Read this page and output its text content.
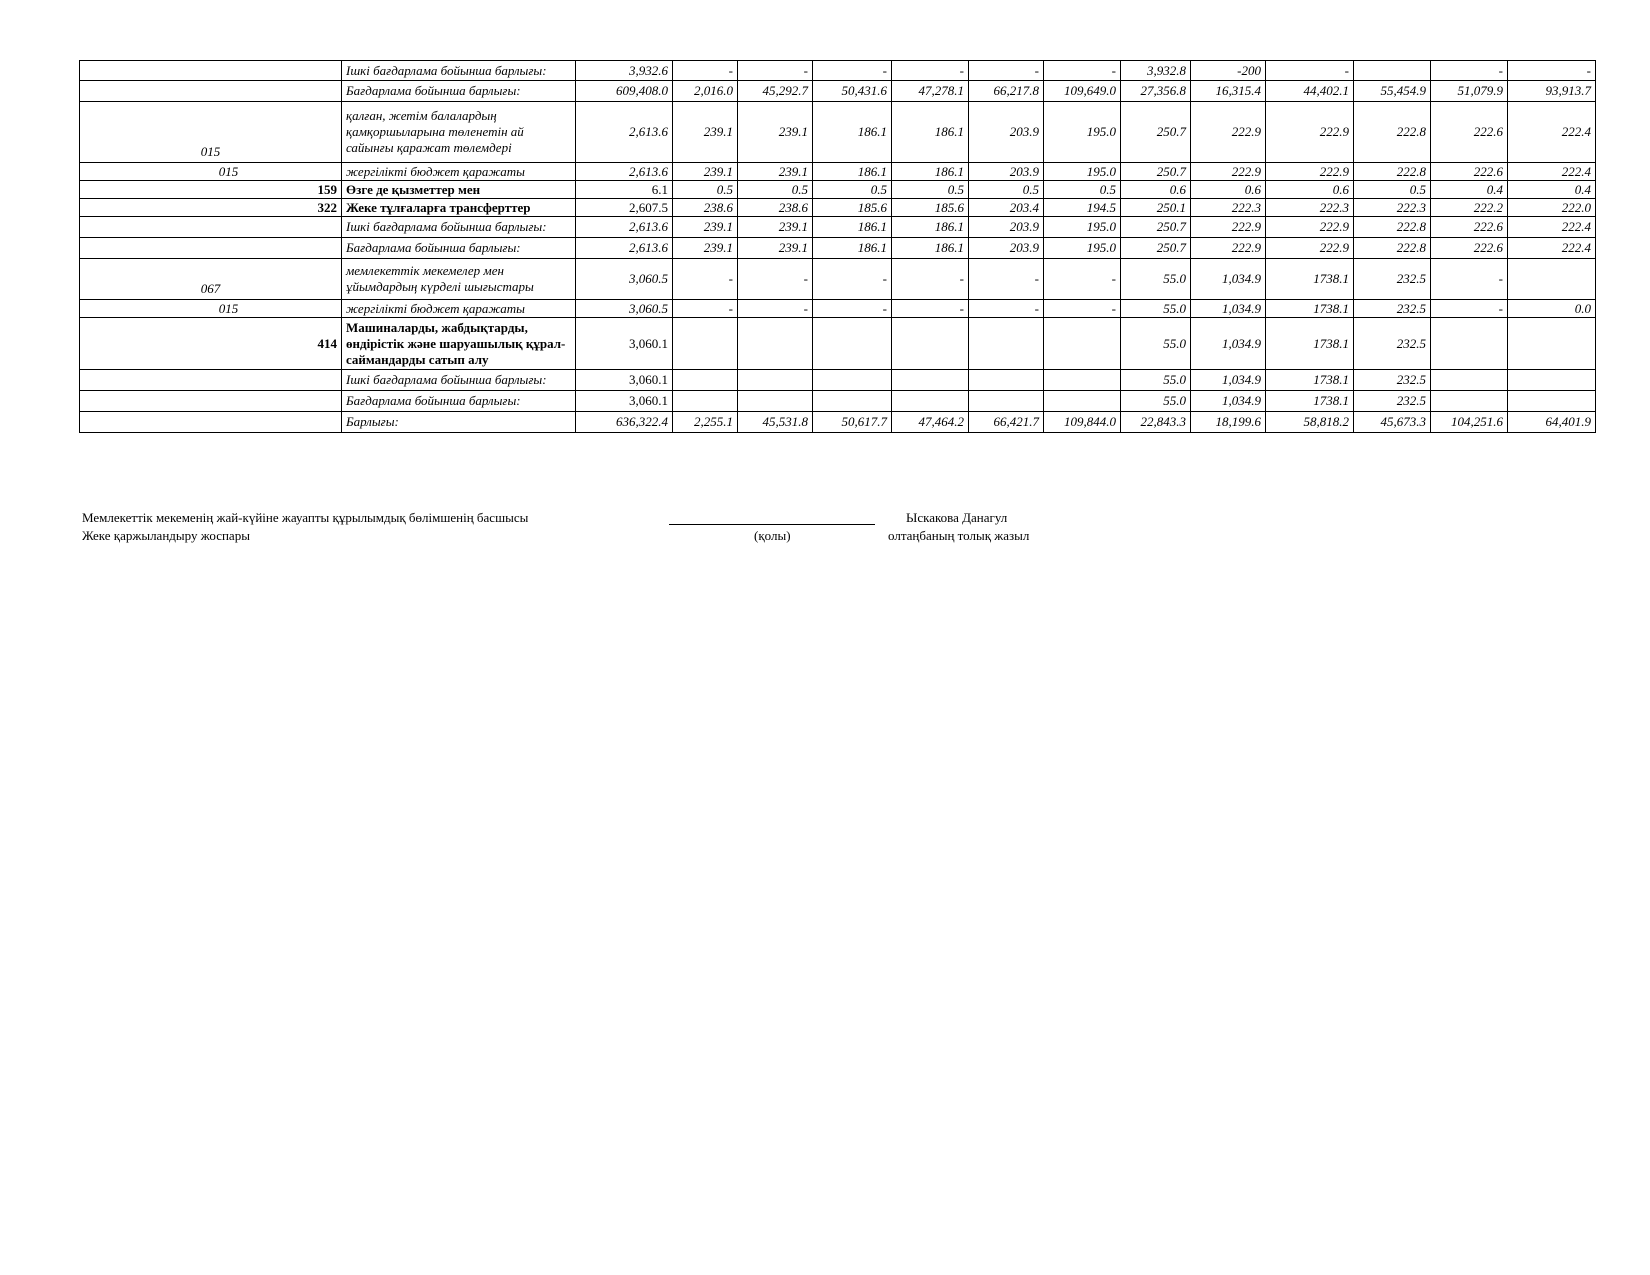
	Ішкі бағдарлама бойынша барлығы:	3,932.6	-	-	-	-	-	-	3,932.8	-200	-		-	-
	Бағдарлама бойынша барлығы:	609,408.0	2,016.0	45,292.7	50,431.6	47,278.1	66,217.8	109,649.0	27,356.8	16,315.4	44,402.1	55,454.9	51,079.9	93,913.7
015	қалған, жетім балалардың қамқоршыларына төленетін ай сайынғы қаражат төлемдері	2,613.6	239.1	239.1	186.1	186.1	203.9	195.0	250.7	222.9	222.9	222.8	222.6	222.4
015	жергілікті бюджет қаражаты	2,613.6	239.1	239.1	186.1	186.1	203.9	195.0	250.7	222.9	222.9	222.8	222.6	222.4
159	Өзге де қызметтер мен	6.1	0.5	0.5	0.5	0.5	0.5	0.5	0.6	0.6	0.6	0.5	0.4	0.4
322	Жеке тұлғаларға трансферттер	2,607.5	238.6	238.6	185.6	185.6	203.4	194.5	250.1	222.3	222.3	222.3	222.2	222.0
	Ішкі бағдарлама бойынша барлығы:	2,613.6	239.1	239.1	186.1	186.1	203.9	195.0	250.7	222.9	222.9	222.8	222.6	222.4
	Бағдарлама бойынша барлығы:	2,613.6	239.1	239.1	186.1	186.1	203.9	195.0	250.7	222.9	222.9	222.8	222.6	222.4
067	мемлекеттік мекемелер мен ұйымдардың күрделі шығыстары	3,060.5	-	-	-	-	-	-	55.0	1,034.9	1738.1	232.5	-	
015	жергілікті бюджет қаражаты	3,060.5	-	-	-	-	-	-	55.0	1,034.9	1738.1	232.5	-	0.0
414	Машиналарды, жабдықтарды, өндірістік және шаруашылық құрал-саймандарды сатып алу	3,060.1							55.0	1,034.9	1738.1	232.5		
	Ішкі бағдарлама бойынша барлығы:	3,060.1							55.0	1,034.9	1738.1	232.5		
	Бағдарлама бойынша барлығы:	3,060.1							55.0	1,034.9	1738.1	232.5		
	Барлығы:	636,322.4	2,255.1	45,531.8	50,617.7	47,464.2	66,421.7	109,844.0	22,843.3	18,199.6	58,818.2	45,673.3	104,251.6	64,401.9
Мемлекеттік мекеменің жай-күйіне жауапты құрылымдық бөлімшенің басшысы
Жеке қаржыландыру жоспары	(қолы)
Ыскакова Данагул
олтаңбаның толық жазыл
